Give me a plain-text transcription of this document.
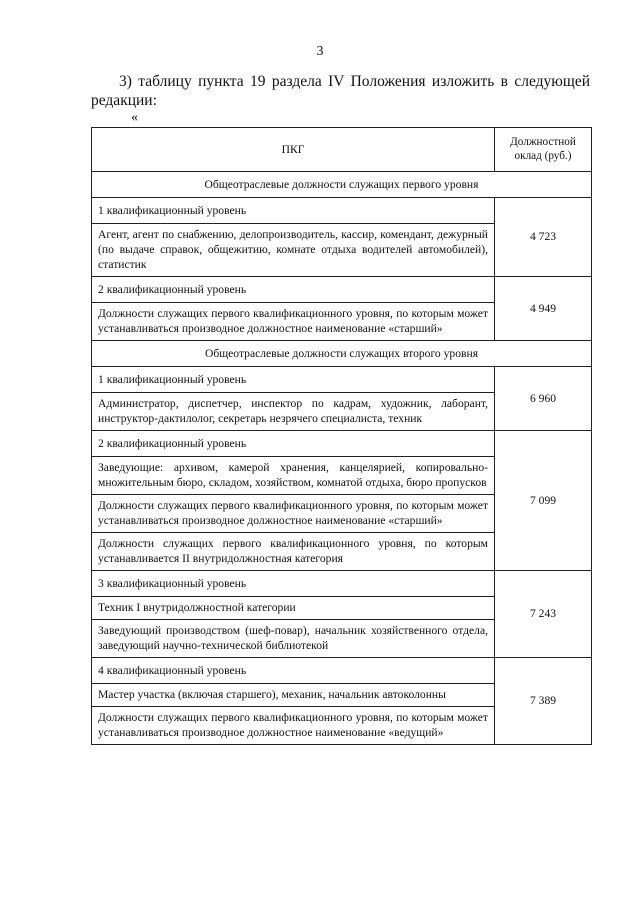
3
3) таблицу пункта 19 раздела IV Положения изложить в следующей редакции:
«
ПКГ	Должностной оклад (руб.)
Общеотраслевые должности служащих первого уровня	
1 квалификационный уровень	4 723
Агент, агент по снабжению, делопроизводитель, кассир, комендант, дежурный (по выдаче справок, общежитию, комнате отдыха водителей автомобилей), статистик	
2 квалификационный уровень	4 949
Должности служащих первого квалификационного уровня, по которым может устанавливаться производное должностное наименование «старший»	
Общеотраслевые должности служащих второго уровня	
1 квалификационный уровень	6 960
Администратор, диспетчер, инспектор по кадрам, художник, лаборант, инструктор-дактилолог, секретарь незрячего специалиста, техник	
2 квалификационный уровень	7 099
Заведующие: архивом, камерой хранения, канцелярией, копировально-множительным бюро, складом, хозяйством, комнатой отдыха, бюро пропусков	
Должности служащих первого квалификационного уровня, по которым может устанавливаться производное должностное наименование «старший»	
Должности служащих первого квалификационного уровня, по которым устанавливается II внутридолжностная категория	
3 квалификационный уровень	7 243
Техник I внутридолжностной категории	
Заведующий производством (шеф-повар), начальник хозяйственного отдела, заведующий научно-технической библиотекой	
4 квалификационный уровень	7 389
Мастер участка (включая старшего), механик, начальник автоколонны	
Должности служащих первого квалификационного уровня, по которым может устанавливаться производное должностное наименование «ведущий»	
